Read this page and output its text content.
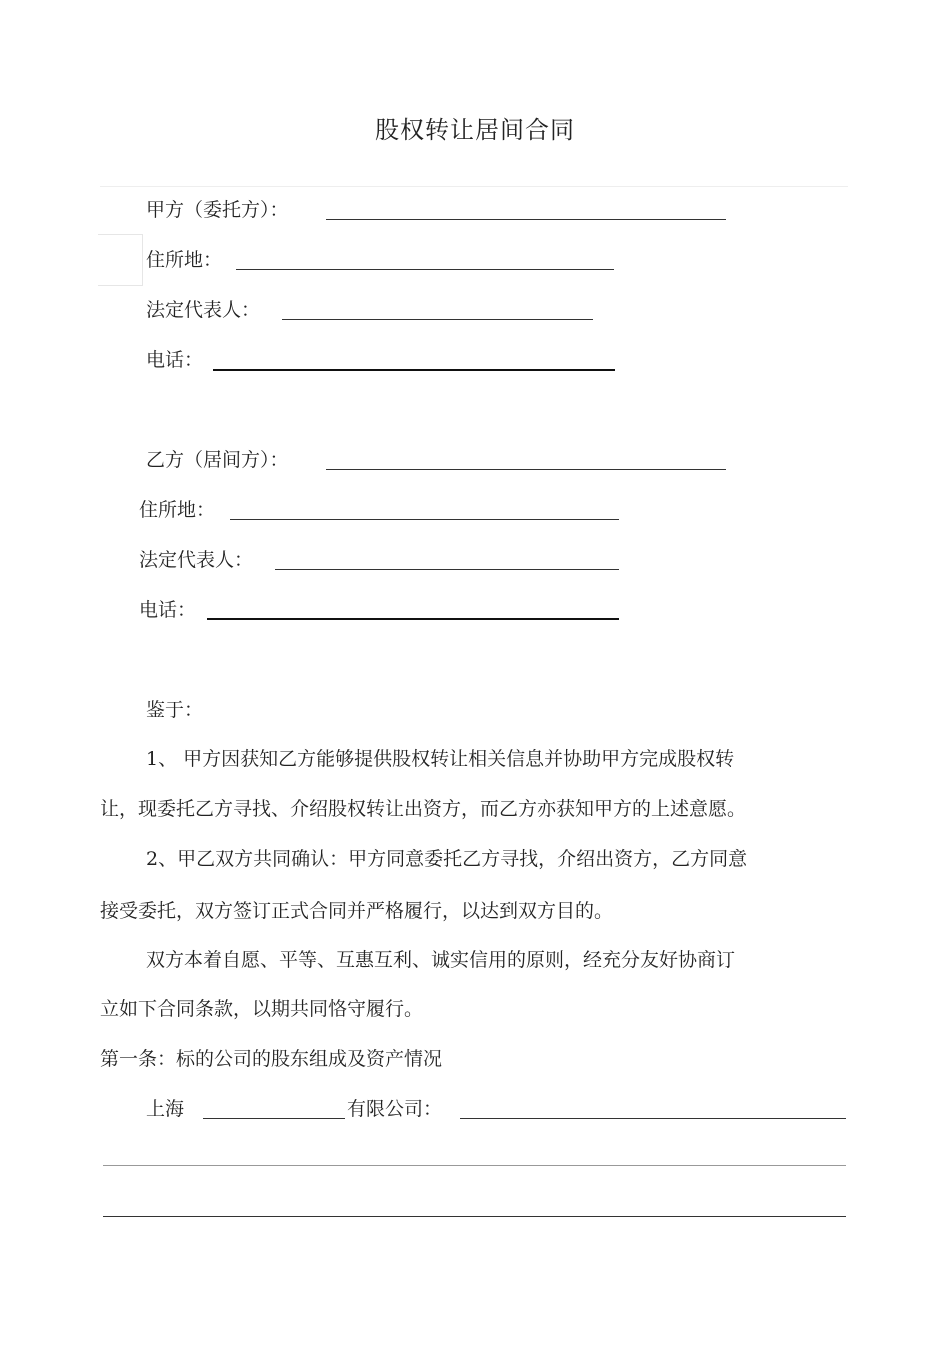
股权转让居间合同
甲方（委托方）：
住所地：
法定代表人：
电话：
乙方（居间方）：
住所地：
法定代表人：
电话：
鉴于：
1、 甲方因获知乙方能够提供股权转让相关信息并协助甲方完成股权转
让，现委托乙方寻找、介绍股权转让出资方，而乙方亦获知甲方的上述意愿。
2、甲乙双方共同确认：甲方同意委托乙方寻找，介绍出资方，乙方同意
接受委托，双方签订正式合同并严格履行，以达到双方目的。
双方本着自愿、平等、互惠互利、诚实信用的原则，经充分友好协商订
立如下合同条款，以期共同恪守履行。
第一条：标的公司的股东组成及资产情况
上海	有限公司：
